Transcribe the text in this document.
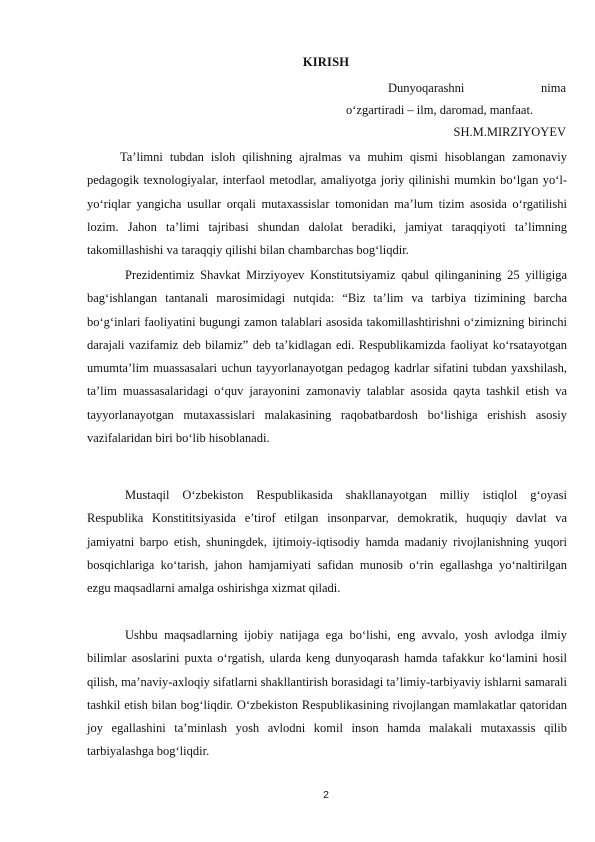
KIRISH
Dunyoqarashni nima
o‘zgartiradi – ilm, daromad, manfaat.
SH.M.MIRZIYOYEV

Ta’limni tubdan isloh qilishning ajralmas va muhim qismi hisoblangan zamonaviy pedagogik texnologiyalar, interfaol metodlar, amaliyotga joriy qilinishi mumkin bo‘lgan yo‘l-yo‘riqlar yangicha usullar orqali mutaxassislar tomonidan ma’lum tizim asosida o‘rgatilishi lozim. Jahon ta’limi tajribasi shundan dalolat beradiki, jamiyat taraqqiyoti ta’limning takomillashishi va taraqqiy qilishi bilan chambarchas bog‘liqdir.

Prezidentimiz Shavkat Mirziyoyev Konstitutsiyamiz qabul qilinganining 25 yilligiga bag‘ishlangan tantanali marosimidagi nutqida: “Biz ta’lim va tarbiya tizimining barcha bo‘g‘inlari faoliyatini bugungi zamon talablari asosida takomillashtirishni o‘zimizning birinchi darajali vazifamiz deb bilamiz” deb ta’kidlagan edi. Respublikamizda faoliyat ko‘rsatayotgan umumta’lim muassasalari uchun tayyorlanayotgan pedagog kadrlar sifatini tubdan yaxshilash, ta’lim muassasalaridagi o‘quv jarayonini zamonaviy talablar asosida qayta tashkil etish va tayyorlanayotgan mutaxassislari malakasining raqobatbardosh bo‘lishiga erishish asosiy vazifalaridan biri bo‘lib hisoblanadi.

Mustaqil O‘zbekiston Respublikasida shakllanayotgan milliy istiqlol g‘oyasi Respublika Konstititsiyasida e’tirof etilgan insonparvar, demokratik, huquqiy davlat va jamiyatni barpo etish, shuningdek, ijtimoiy-iqtisodiy hamda madaniy rivojlanishning yuqori bosqichlariga ko‘tarish, jahon hamjamiyati safidan munosib o‘rin egallashga yo‘naltirilgan ezgu maqsadlarni amalga oshirishga xizmat qiladi.

Ushbu maqsadlarning ijobiy natijaga ega bo‘lishi, eng avvalo, yosh avlodga ilmiy bilimlar asoslarini puxta o‘rgatish, ularda keng dunyoqarash hamda tafakkur ko‘lamini hosil qilish, ma’naviy-axloqiy sifatlarni shakllantirish borasidagi ta’limiy-tarbiyaviy ishlarni samarali tashkil etish bilan bog‘liqdir. O‘zbekiston Respublikasining rivojlangan mamlakatlar qatoridan joy egallashini ta’minlash yosh avlodni komil inson hamda malakali mutaxassis qilib tarbiyalashga bog‘liqdir.

2
